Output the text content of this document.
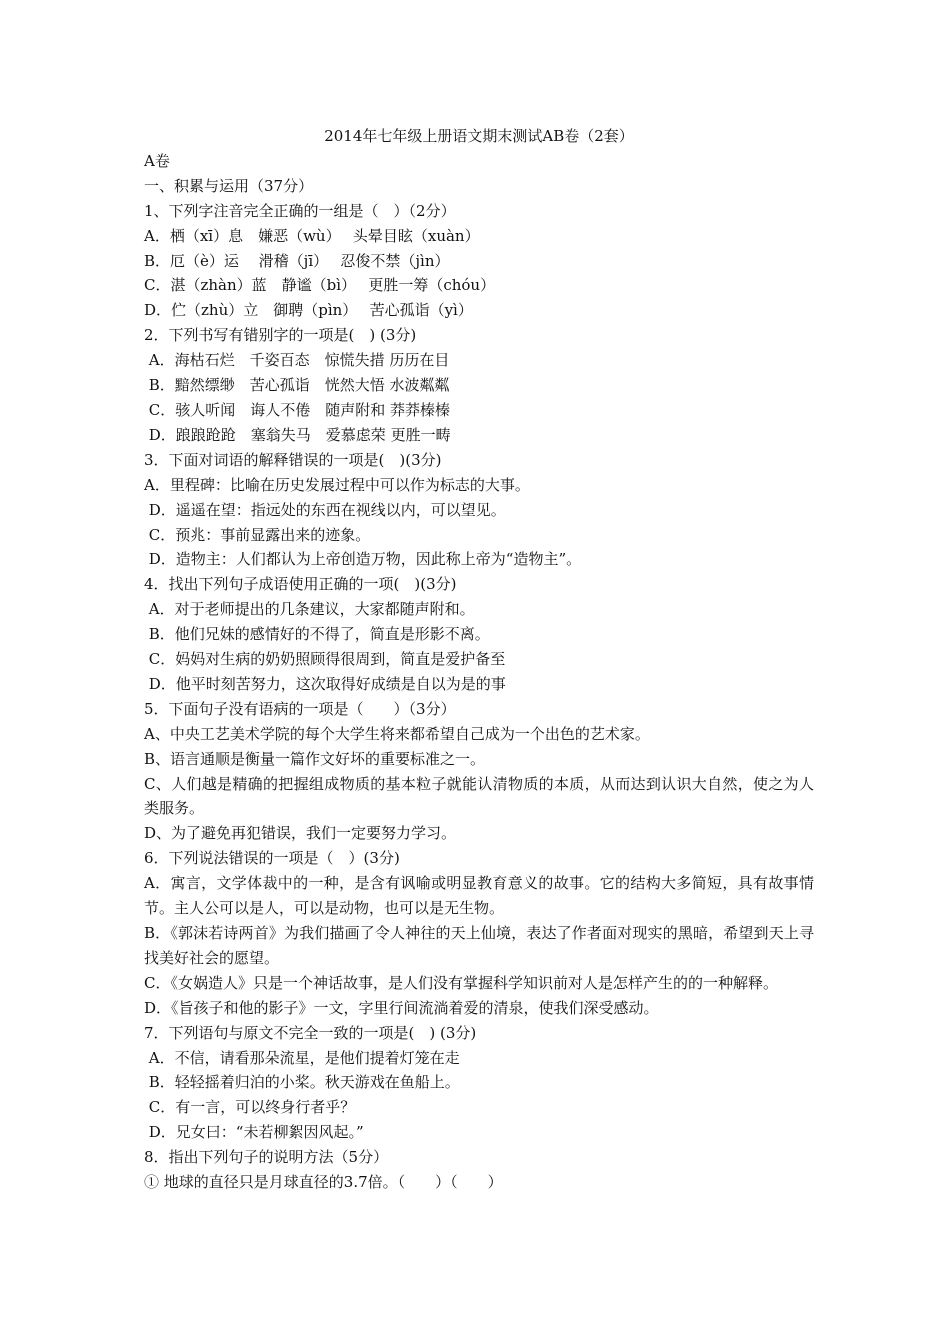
2014年七年级上册语文期末测试AB卷（2套）

A卷

一、积累与运用（37分）

1、下列字注音完全正确的一组是（　）（2分）

A．栖（xī）息　嫌恶（wù）　 头晕目眩（xuàn）

B．厄（è）运　 滑稽（jī）　 忍俊不禁（jìn）

C．湛（zhàn）蓝　静谧（bì）　 更胜一筹（chóu）

D．伫（zhù）立　御聘（pìn）　 苦心孤诣（yì）

2．下列书写有错别字的一项是(　) (3分)

A．海枯石烂　千姿百态　惊慌失措 历历在目

B．黯然缥缈　苦心孤诣　恍然大悟 水波粼粼

C．骇人听闻　诲人不倦　随声附和 莽莽榛榛

D．踉踉跄跄　塞翁失马　爱慕虑荣 更胜一畴

3．下面对词语的解释错误的一项是(　)(3分)

A．里程碑：比喻在历史发展过程中可以作为标志的大事。

D．遥遥在望：指远处的东西在视线以内，可以望见。

C．预兆：事前显露出来的迹象。

D．造物主：人们都认为上帝创造万物，因此称上帝为“造物主”。

4．找出下列句子成语使用正确的一项(　)(3分)

A．对于老师提出的几条建议，大家都随声附和。

B．他们兄妹的感情好的不得了，简直是形影不离。

C．妈妈对生病的奶奶照顾得很周到，简直是爱护备至

D．他平时刻苦努力，这次取得好成绩是自以为是的事

5．下面句子没有语病的一项是（　　）（3分）

A、中央工艺美术学院的每个大学生将来都希望自己成为一个出色的艺术家。

B、语言通顺是衡量一篇作文好坏的重要标准之一。

C、人们越是精确的把握组成物质的基本粒子就能认清物质的本质，从而达到认识大自然，使之为人类服务。

D、为了避免再犯错误，我们一定要努力学习。

6．下列说法错误的一项是（　）(3分)

A．寓言，文学体裁中的一种，是含有讽喻或明显教育意义的故事。它的结构大多简短，具有故事情节。主人公可以是人，可以是动物，也可以是无生物。

B．《郭沫若诗两首》为我们描画了令人神往的天上仙境，表达了作者面对现实的黑暗，希望到天上寻找美好社会的愿望。

C．《女娲造人》只是一个神话故事，是人们没有掌握科学知识前对人是怎样产生的的一种解释。

D．《旨孩子和他的影子》一文，字里行间流淌着爱的清泉，使我们深受感动。

7．下列语句与原文不完全一致的一项是(　) (3分)

A．不信，请看那朵流星，是他们提着灯笼在走

B．轻轻摇着归泊的小桨。秋天游戏在鱼船上。

C．有一言，可以终身行者乎？

D．兄女曰：“未若柳絮因风起。”

8．指出下列句子的说明方法（5分）

① 地球的直径只是月球直径的3.7倍。（　　）（　　）
